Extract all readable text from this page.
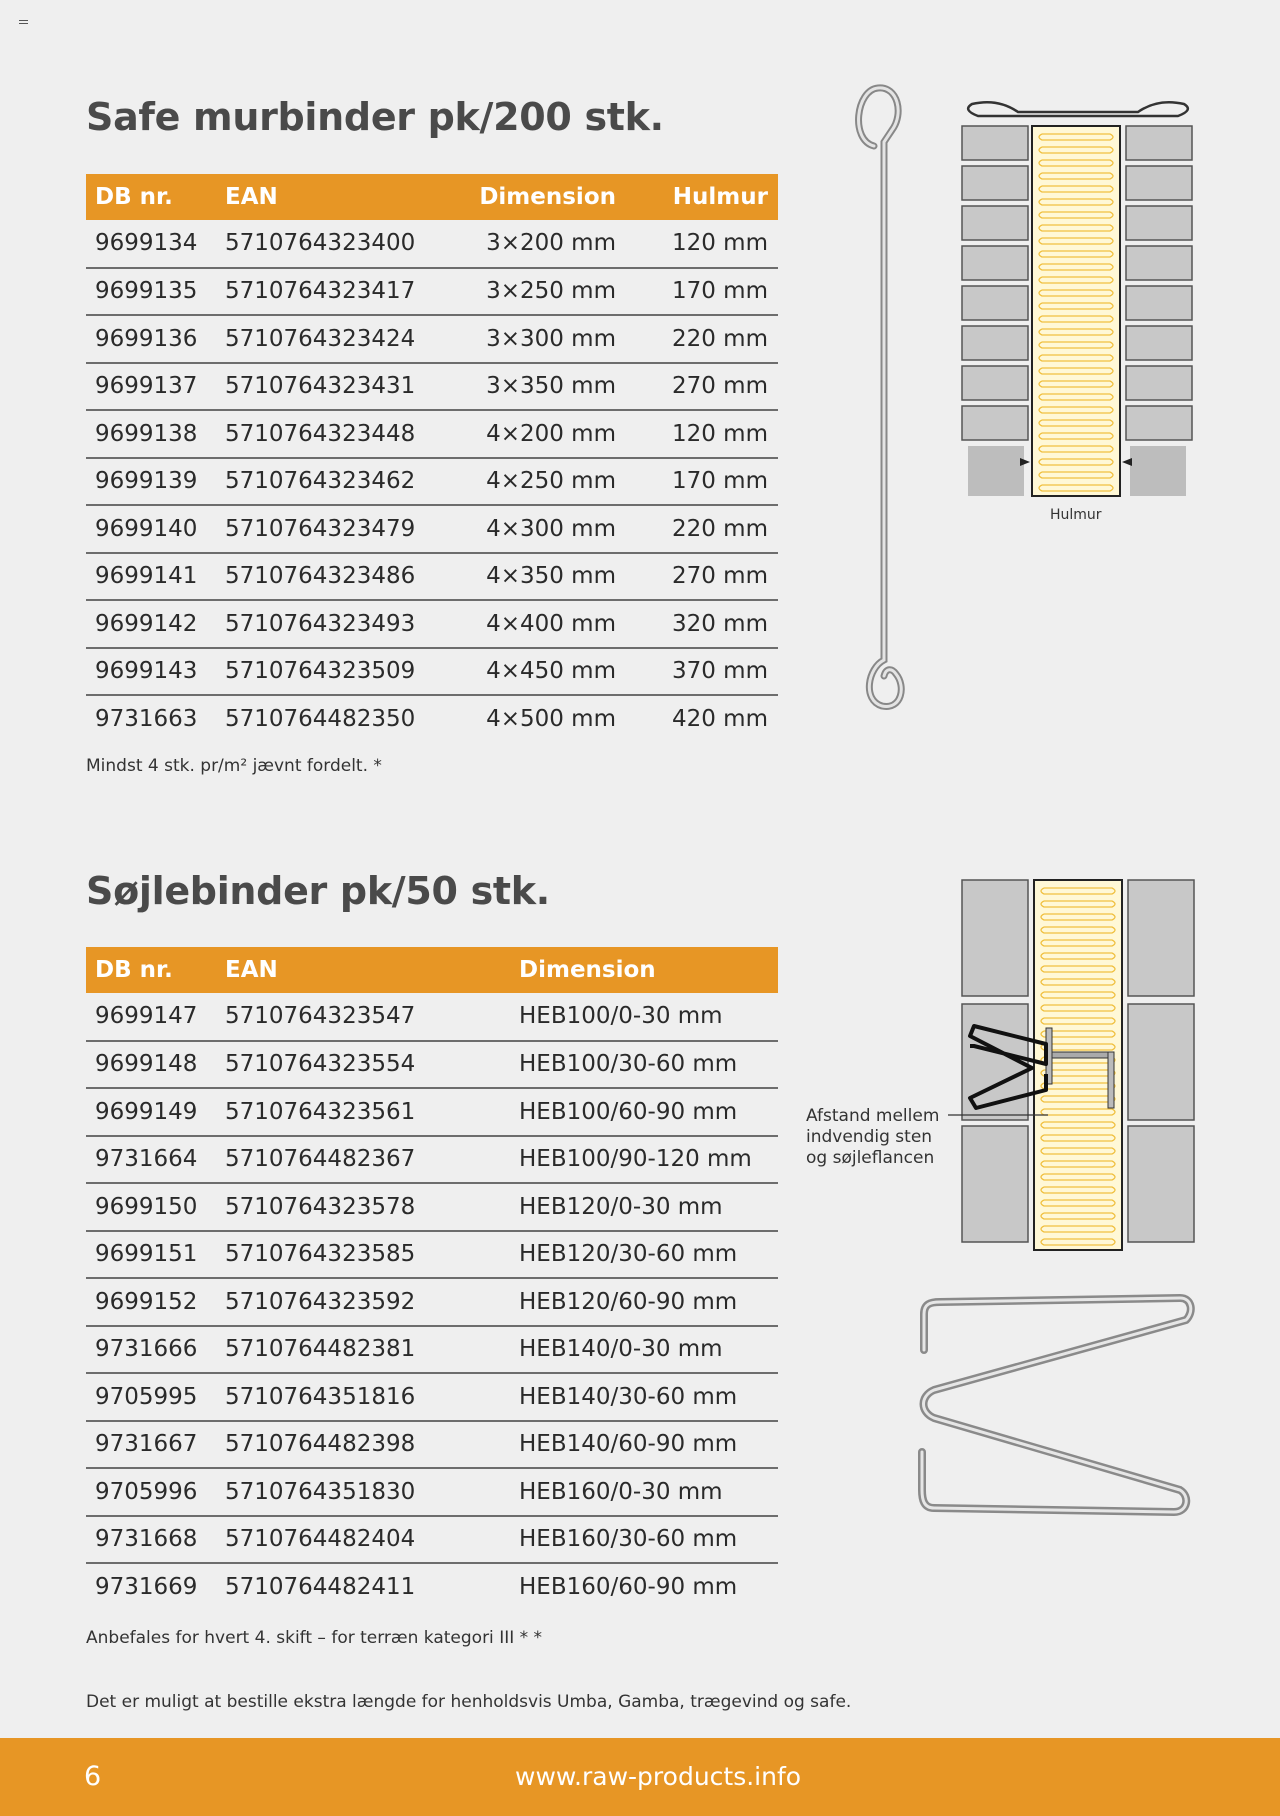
Safe murbinder pk/200 stk.
DB nr.	EAN	Dimension	Hulmur
9699134	5710764323400	3×200 mm	120 mm
9699135	5710764323417	3×250 mm	170 mm
9699136	5710764323424	3×300 mm	220 mm
9699137	5710764323431	3×350 mm	270 mm
9699138	5710764323448	4×200 mm	120 mm
9699139	5710764323462	4×250 mm	170 mm
9699140	5710764323479	4×300 mm	220 mm
9699141	5710764323486	4×350 mm	270 mm
9699142	5710764323493	4×400 mm	320 mm
9699143	5710764323509	4×450 mm	370 mm
9731663	5710764482350	4×500 mm	420 mm

Mindst 4 stk. pr/m² jævnt fordelt. *

Hulmur
Søjlebinder pk/50 stk.
DB nr.	EAN	Dimension
9699147	5710764323547	HEB100/0-30 mm
9699148	5710764323554	HEB100/30-60 mm
9699149	5710764323561	HEB100/60-90 mm
9731664	5710764482367	HEB100/90-120 mm
9699150	5710764323578	HEB120/0-30 mm
9699151	5710764323585	HEB120/30-60 mm
9699152	5710764323592	HEB120/60-90 mm
9731666	5710764482381	HEB140/0-30 mm
9705995	5710764351816	HEB140/30-60 mm
9731667	5710764482398	HEB140/60-90 mm
9705996	5710764351830	HEB160/0-30 mm
9731668	5710764482404	HEB160/30-60 mm
9731669	5710764482411	HEB160/60-90 mm

Anbefales for hvert 4. skift – for terræn kategori III * *

Det er muligt at bestille ekstra længde for henholdsvis Umba, Gamba, trægevind og safe.

Afstand mellem
indvendig sten
og søjleflancen

6	www.raw-products.info
